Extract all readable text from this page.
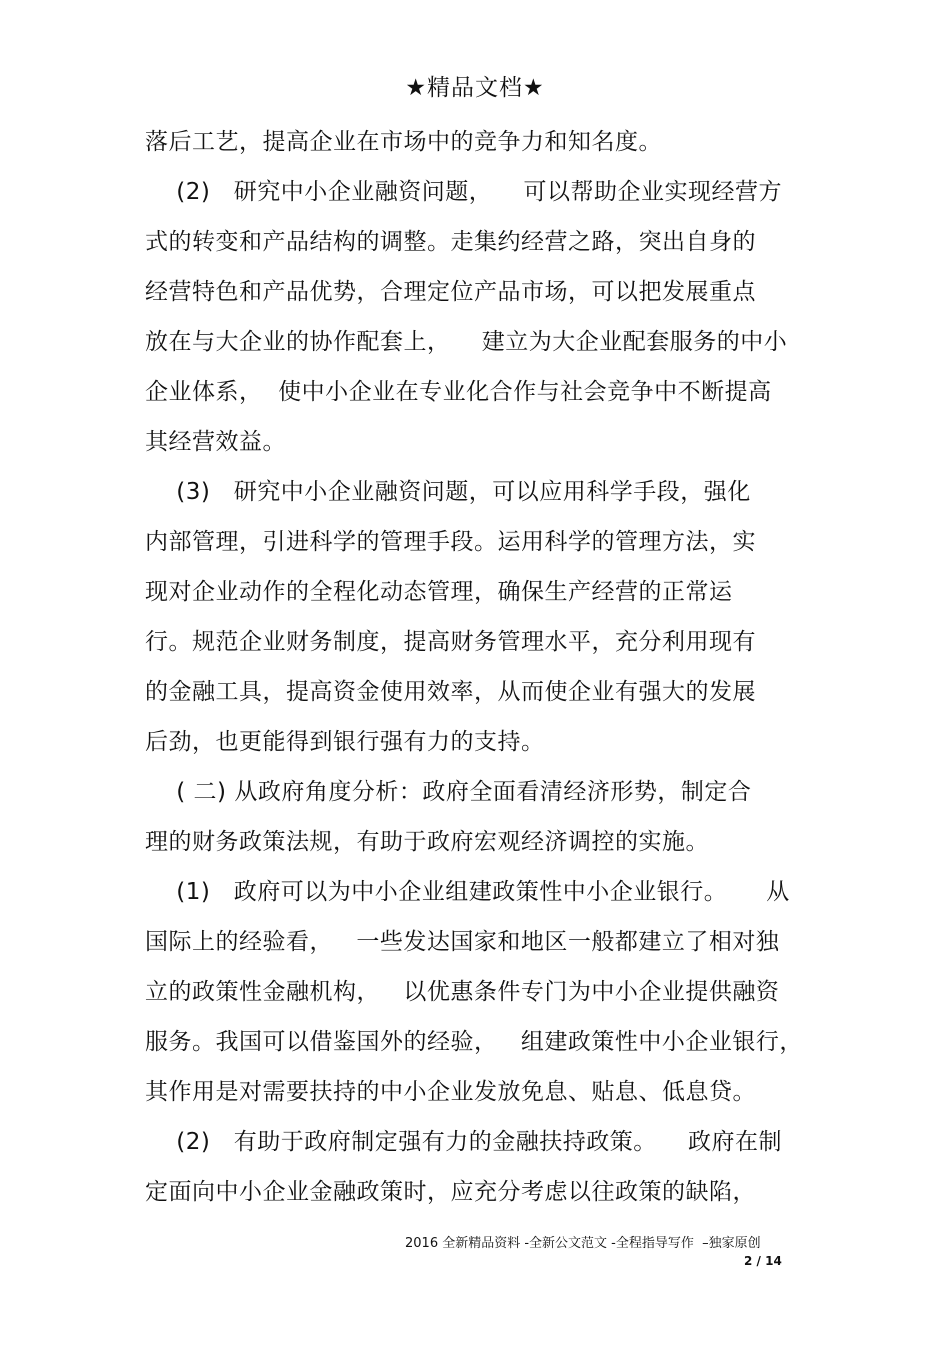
★精品文档★
落后工艺，提高企业在市场中的竞争力和知名度。
(2)   研究中小企业融资问题，    可以帮助企业实现经营方
式的转变和产品结构的调整。走集约经营之路，突出自身的
经营特色和产品优势，合理定位产品市场，可以把发展重点
放在与大企业的协作配套上，    建立为大企业配套服务的中小
企业体系，  使中小企业在专业化合作与社会竞争中不断提高
其经营效益。
(3)   研究中小企业融资问题，可以应用科学手段，强化
内部管理，引进科学的管理手段。运用科学的管理方法，实
现对企业动作的全程化动态管理，确保生产经营的正常运
行。规范企业财务制度，提高财务管理水平，充分利用现有
的金融工具，提高资金使用效率，从而使企业有强大的发展
后劲，也更能得到银行强有力的支持。
( 二) 从政府角度分析：政府全面看清经济形势，制定合
理的财务政策法规，有助于政府宏观经济调控的实施。
(1)   政府可以为中小企业组建政策性中小企业银行。     从
国际上的经验看，   一些发达国家和地区一般都建立了相对独
立的政策性金融机构，   以优惠条件专门为中小企业提供融资
服务。我国可以借鉴国外的经验，   组建政策性中小企业银行，
其作用是对需要扶持的中小企业发放免息、贴息、低息贷。
(2)   有助于政府制定强有力的金融扶持政策。    政府在制
定面向中小企业金融政策时，应充分考虑以往政策的缺陷，
2016 全新精品资料 -全新公文范文 -全程指导写作  –独家原创
2 / 14
